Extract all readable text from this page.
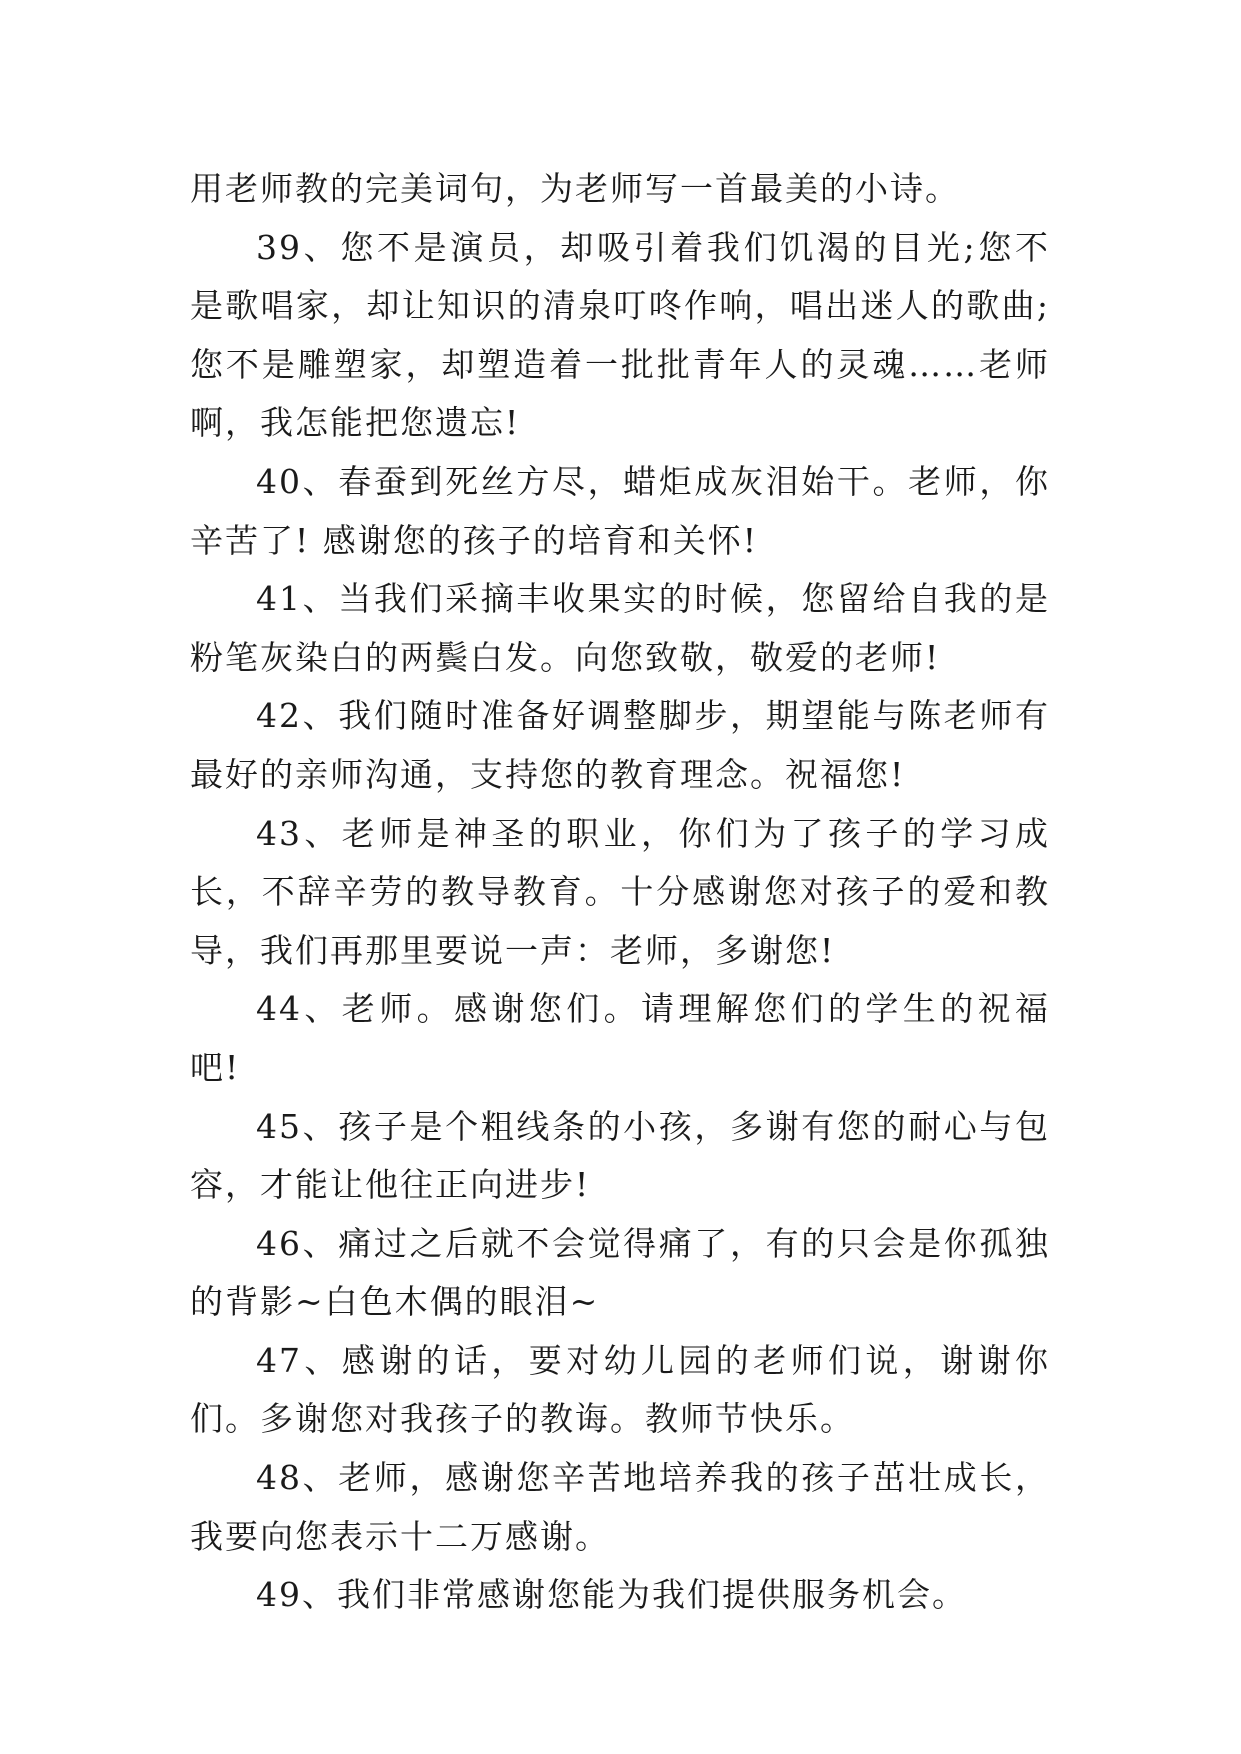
用老师教的完美词句，为老师写一首最美的小诗。

39、您不是演员，却吸引着我们饥渴的目光;您不是歌唱家，却让知识的清泉叮咚作响，唱出迷人的歌曲;您不是雕塑家，却塑造着一批批青年人的灵魂……老师啊，我怎能把您遗忘!

40、春蚕到死丝方尽，蜡炬成灰泪始干。老师，你辛苦了! 感谢您的孩子的培育和关怀!

41、当我们采摘丰收果实的时候，您留给自我的是粉笔灰染白的两鬓白发。向您致敬，敬爱的老师!

42、我们随时准备好调整脚步，期望能与陈老师有最好的亲师沟通，支持您的教育理念。祝福您!

43、老师是神圣的职业，你们为了孩子的学习成长，不辞辛劳的教导教育。十分感谢您对孩子的爱和教导，我们再那里要说一声：老师，多谢您!

44、老师。感谢您们。请理解您们的学生的祝福吧!

45、孩子是个粗线条的小孩，多谢有您的耐心与包容，才能让他往正向进步!

46、痛过之后就不会觉得痛了，有的只会是你孤独的背影~白色木偶的眼泪~

47、感谢的话，要对幼儿园的老师们说，谢谢你们。多谢您对我孩子的教诲。教师节快乐。

48、老师，感谢您辛苦地培养我的孩子茁壮成长，我要向您表示十二万感谢。

49、我们非常感谢您能为我们提供服务机会。
